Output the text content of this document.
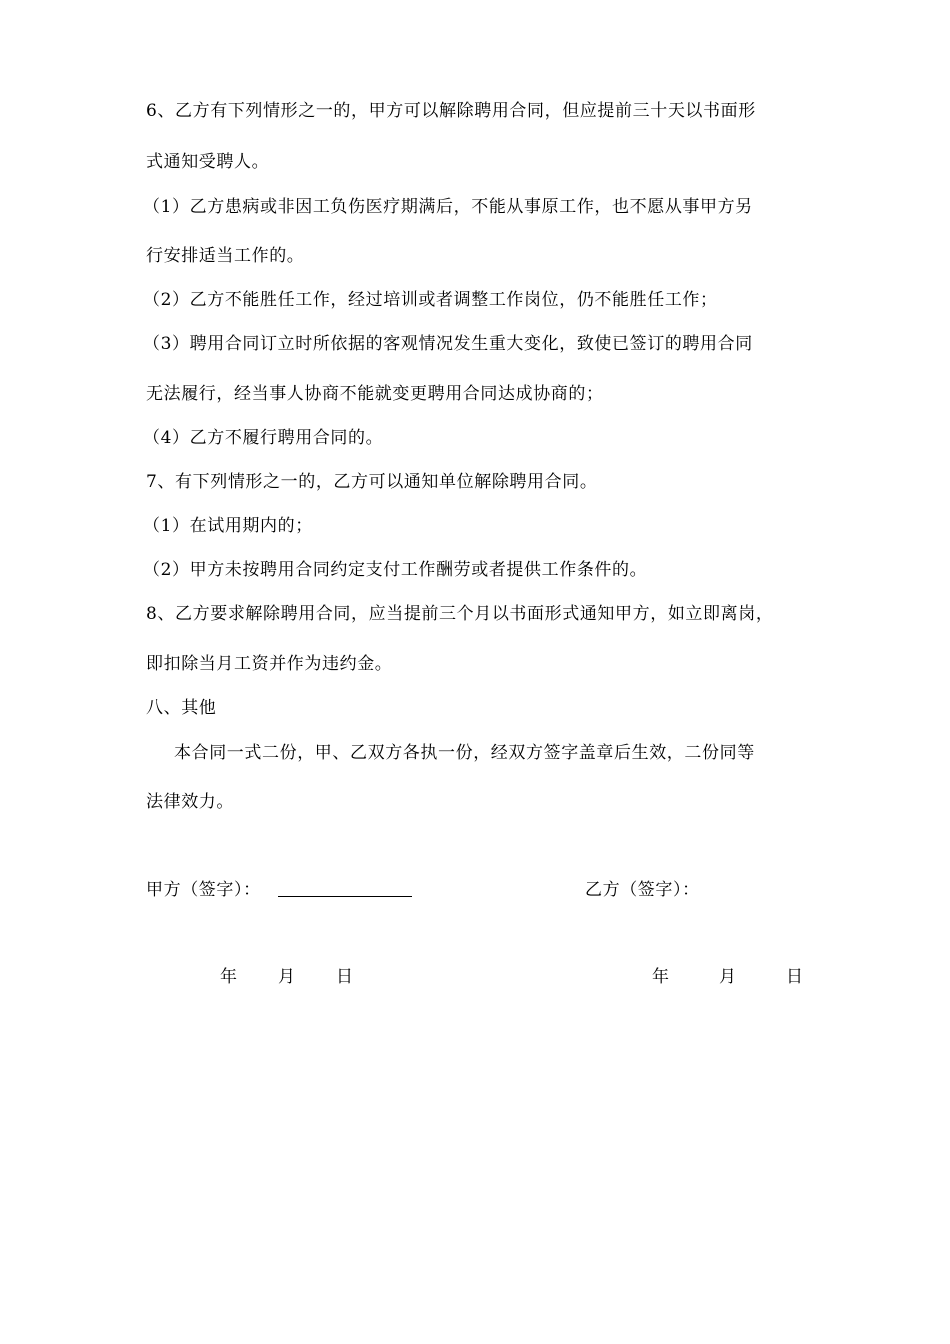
6、乙方有下列情形之一的，甲方可以解除聘用合同，但应提前三十天以书面形
式通知受聘人。
（1）乙方患病或非因工负伤医疗期满后，不能从事原工作，也不愿从事甲方另
行安排适当工作的。
（2）乙方不能胜任工作，经过培训或者调整工作岗位，仍不能胜任工作；
（3）聘用合同订立时所依据的客观情况发生重大变化，致使已签订的聘用合同
无法履行，经当事人协商不能就变更聘用合同达成协商的；
（4）乙方不履行聘用合同的。
7、有下列情形之一的，乙方可以通知单位解除聘用合同。
（1）在试用期内的；
（2）甲方未按聘用合同约定支付工作酬劳或者提供工作条件的。
8、乙方要求解除聘用合同，应当提前三个月以书面形式通知甲方，如立即离岗，
即扣除当月工资并作为违约金。
八、其他
本合同一式二份，甲、乙双方各执一份，经双方签字盖章后生效，二份同等
法律效力。
甲方（签字）：	乙方（签字）：
年 月 日	年	月	日
